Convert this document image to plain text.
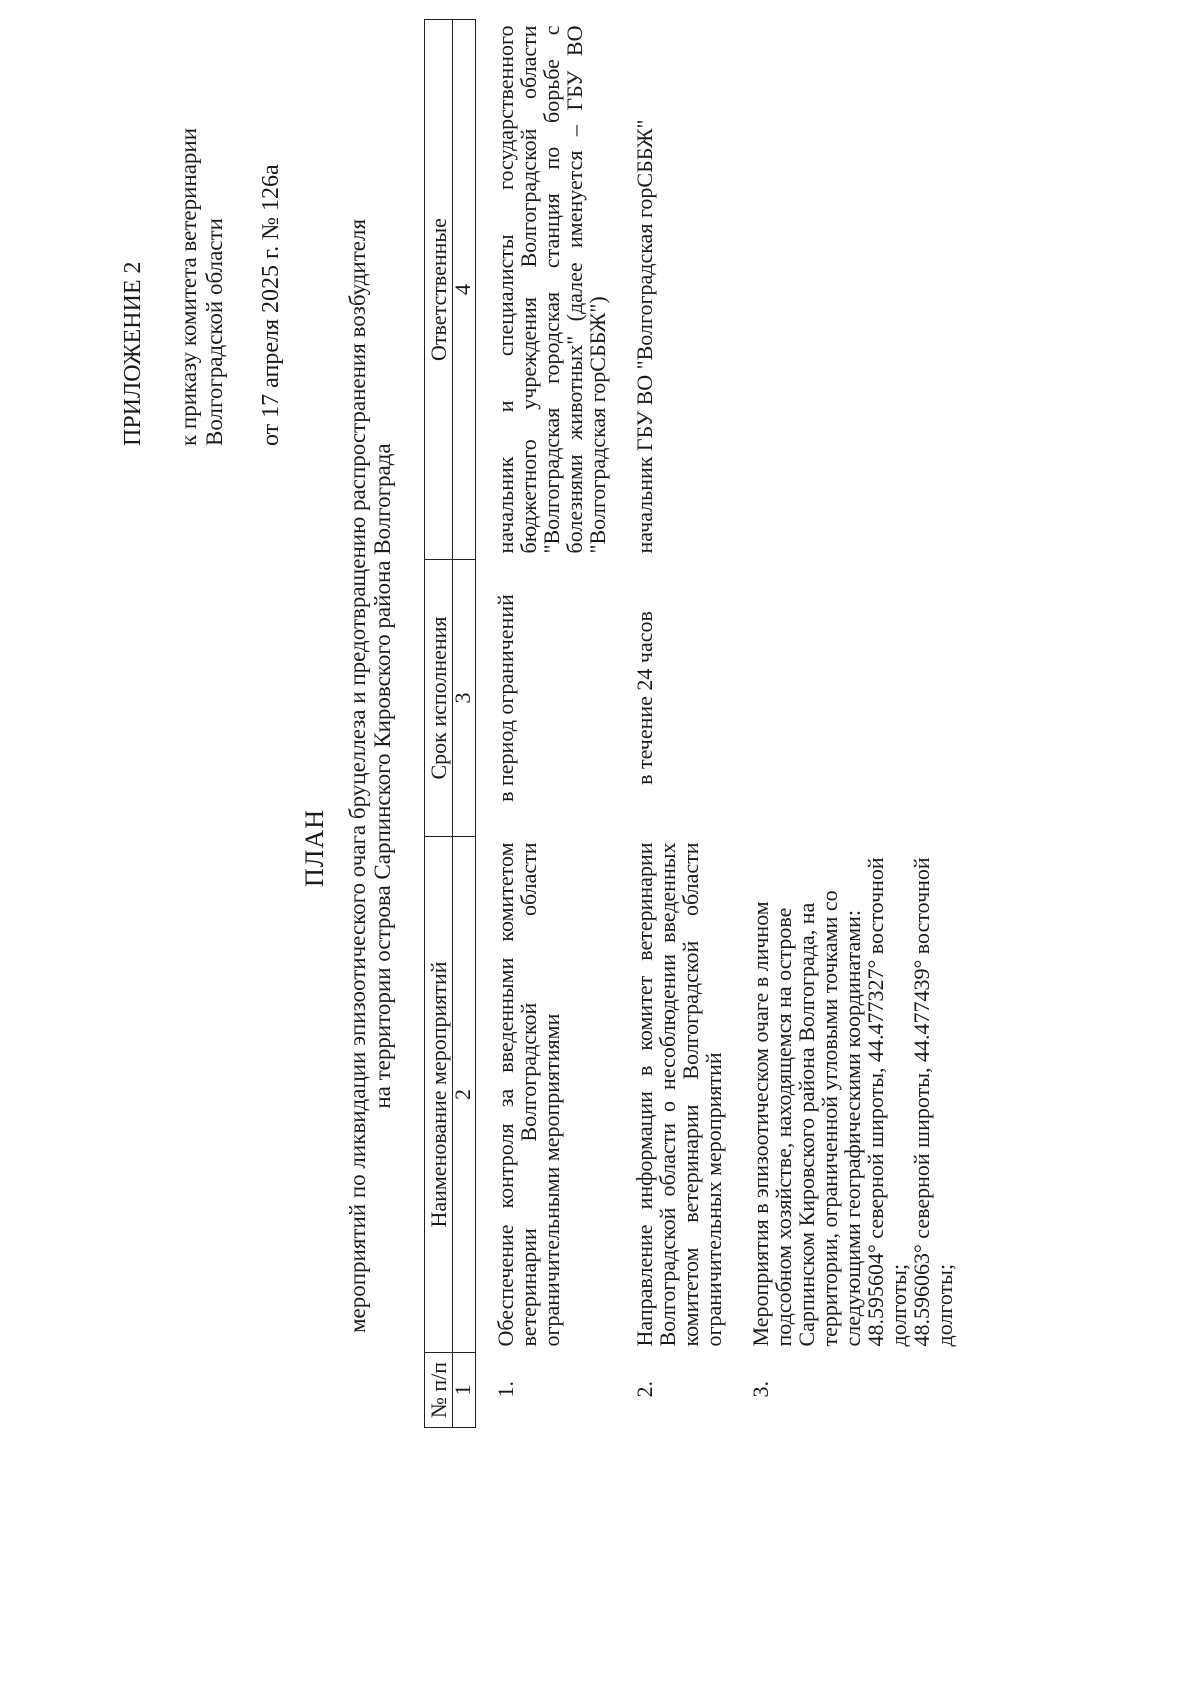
ПРИЛОЖЕНИЕ 2 к приказу комитета ветеринарии Волгоградской области от 17 апреля 2025 г. № 126а
ПЛАН мероприятий по ликвидации эпизоотического очага бруцеллеза и предотвращению распространения возбудителя на территории острова Сарпинского Кировского района Волгограда
№ п/п	Наименование мероприятий	Срок исполнения	Ответственные
1	2	3	4
1.	Обеспечение контроля за введенными комитетом ветеринарии Волгоградской области ограничительными мероприятиями	в период ограничений	начальник и специалисты государственного бюджетного учреждения Волгоградской области "Волгоградская городская станция по борьбе с болезнями животных" (далее именуется – ГБУ ВО "Волгоградская горСББЖ")
2.	Направление информации в комитет ветеринарии Волгоградской области о несоблюдении введенных комитетом ветеринарии Волгоградской области ограничительных мероприятий	в течение 24 часов	начальник ГБУ ВО "Волгоградская горСББЖ"
3.	Мероприятия в эпизоотическом очаге в личном подсобном хозяйстве, находящемся на острове Сарпинском Кировского района Волгограда, на территории, ограниченной угловыми точками со следующими географическими координатами:
48.595604° северной широты, 44.477327° восточной долготы;
48.596063° северной широты, 44.477439° восточной долготы;		
